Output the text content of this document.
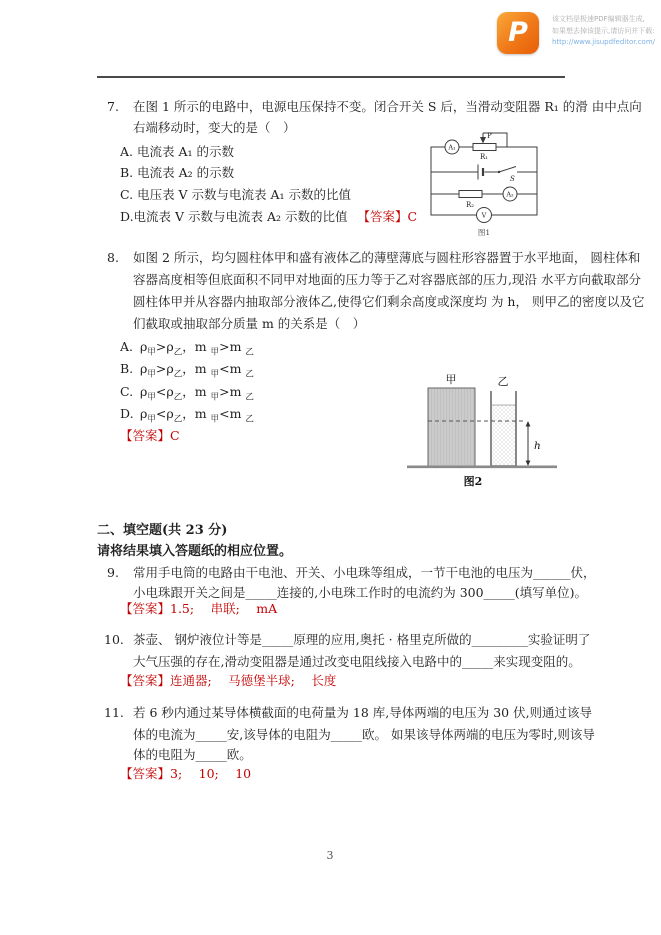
P	该文档是极速PDF编辑器生成,
如果想去掉该提示,请访问并下载:
http://www.jisupdfeditor.com/
7. 在图 1 所示的电路中，电源电压保持不变。闭合开关 S 后，当滑动变阻器 R₁ 的滑 由中点向
右端移动时，变大的是（　）
A. 电流表 A₁ 的示数
B. 电流表 A₂ 的示数
C. 电压表 V 示数与电流表 A₁ 示数的比值
D.电流表 V 示数与电流表 A₂ 示数的比值 【答案】C
A₁
A₂
V
P
R₁
S
R₂
图1
8. 如图 2 所示，均匀圆柱体甲和盛有液体乙的薄壁薄底与圆柱形容器置于水平地面， 圆柱体和
容器高度相等但底面积不同甲对地面的压力等于乙对容器底部的压力,现沿 水平方向截取部分
圆柱体甲并从容器内抽取部分液体乙,使得它们剩余高度或深度均 为 h， 则甲乙的密度以及它
们截取或抽取部分质量 m 的关系是（　）
A. $\rho_甲>\rho_乙$，m $_甲$>m $_乙$
B. $\rho_甲>\rho_乙$，m $_甲$<m $_乙$
C. $\rho_甲<\rho_乙$，m $_甲$>m $_乙$
D. $\rho_甲<\rho_乙$，m $_甲$<m $_乙$
【答案】C
甲	乙
h
图2
二、填空题(共 23 分)
请将结果填入答题纸的相应位置。
9. 常用手电筒的电路由干电池、开关、小电珠等组成，一节干电池的电压为______伏，
小电珠跟开关之间是_____连接的,小电珠工作时的电流约为 300_____(填写单位)。
【答案】1.5;　 串联;　 mA
10. 茶壶、 钢炉液位计等是_____原理的应用,奥托 · 格里克所做的_________实验证明了
大气压强的存在,滑动变阻器是通过改变电阻线接入电路中的_____来实现变阻的。
【答案】连通器;　 马德堡半球;　 长度
11. 若 6 秒内通过某导体横截面的电荷量为 18 库,导体两端的电压为 30 伏,则通过该导
体的电流为_____安,该导体的电阻为_____欧。 如果该导体两端的电压为零时,则该导
体的电阻为_____欧。
【答案】3;　 10;　 10
3
